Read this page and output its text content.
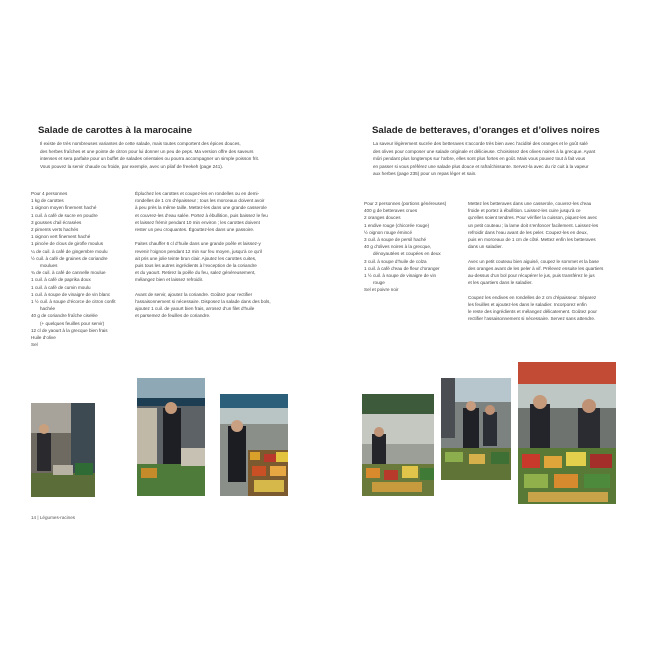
Salade de carottes à la marocaine
Il existe de très nombreuses variantes de cette salade, mais toutes comportent des épices douces,
des herbes fraîches et une pointe de citron pour lui donner un peu de peps. Ma version offre des saveurs
intenses et sera parfaite pour un buffet de salades orientales ou pourra accompagner un simple poisson frit.
Vous pouvez la servir chaude ou froide, par exemple, avec un pilaf de freekeh (page 241).
Pour 4 personnes
1 kg de carottes
1 oignon moyen finement haché
1 cuil. à café de sucre en poudre
3 gousses d’ail écrasées
2 piments verts hachés
1 oignon vert finement haché
1 pincée de clous de girofle moulus
¼ de cuil. à café de gingembre moulu
½ cuil. à café de graines de coriandre
moulues
¾ de cuil. à café de cannelle moulue
1 cuil. à café de paprika doux
1 cuil. à café de cumin moulu
1 cuil. à soupe de vinaigre de vin blanc
1 ½ cuil. à soupe d’écorce de citron confit
hachée
40 g de coriandre fraîche ciselée
(+ quelques feuilles pour servir)
12 cl de yaourt à la grecque bien frais
Huile d’olive
Sel

Épluchez les carottes et coupez-les en rondelles ou en demi-
rondelles de 1 cm d’épaisseur ; tous les morceaux doivent avoir
à peu près la même taille. Mettez-les dans une grande casserole
et couvrez-les d’eau salée. Portez à ébullition, puis baissez le feu
et laissez frémir pendant 10 min environ ; les carottes doivent
rester un peu croquantes. Égouttez-les dans une passoire.

Faites chauffer 6 cl d’huile dans une grande poêle et laissez-y
revenir l’oignon pendant 12 min sur feu moyen, jusqu’à ce qu’il
ait pris une jolie teinte brun clair. Ajoutez les carottes cuites,
puis tous les autres ingrédients à l’exception de la coriandre
et du yaourt. Retirez la poêle du feu, salez généreusement,
mélangez bien et laissez refroidir.

Avant de servir, ajoutez la coriandre. Goûtez pour rectifier
l’assaisonnement si nécessaire. Disposez la salade dans des bols,
ajoutez 1 cuil. de yaourt bien frais, arrosez d’un filet d’huile
et parsemez de feuilles de coriandre.

14 | Légumes-racines
Salade de betteraves, d’oranges et d’olives noires
La saveur légèrement sucrée des betteraves s’accorde très bien avec l’acidité des oranges et le goût salé
des olives pour composer une salade originale et délicieuse. Choisissez des olives noires à la grecque. Ayant
mûri pendant plus longtemps sur l’arbre, elles sont plus fortes en goût. Mais vous pouvez tout à fait vous
en passer si vous préférez une salade plus douce et rafraîchissante. Servez-la avec du riz cuit à la vapeur
aux herbes (page 235) pour un repas léger et sain.
Pour 2 personnes (portions généreuses)
400 g de betteraves crues
2 oranges douces
1 endive rouge (chicorée rouge)
½ oignon rouge émincé
3 cuil. à soupe de persil haché
40 g d’olives noires à la grecque,
dénoyautées et coupées en deux
3 cuil. à soupe d’huile de colza
1 cuil. à café d’eau de fleur d’oranger
1 ½ cuil. à soupe de vinaigre de vin
rouge
Sel et poivre noir

Mettez les betteraves dans une casserole, couvrez-les d’eau
froide et portez à ébullition. Laissez-les cuire jusqu’à ce
qu’elles soient tendres. Pour vérifier la cuisson, piquez-les avec
un petit couteau ; la lame doit s’enfoncer facilement. Laissez-les
refroidir dans l’eau avant de les peler. Coupez-les en deux,
puis en morceaux de 1 cm de côté. Mettez enfin les betteraves
dans un saladier.

Avec un petit couteau bien aiguisé, coupez le sommet et la base
des oranges avant de les peler à vif. Prélevez ensuite les quartiers
au-dessus d’un bol pour récupérer le jus, puis transférez le jus
et les quartiers dans le saladier.

Coupez les endives en rondelles de 2 cm d’épaisseur. Séparez
les feuilles et ajoutez-les dans le saladier. Incorporez enfin
le reste des ingrédients et mélangez délicatement. Goûtez pour
rectifier l’assaisonnement si nécessaire. Servez sans attendre.
